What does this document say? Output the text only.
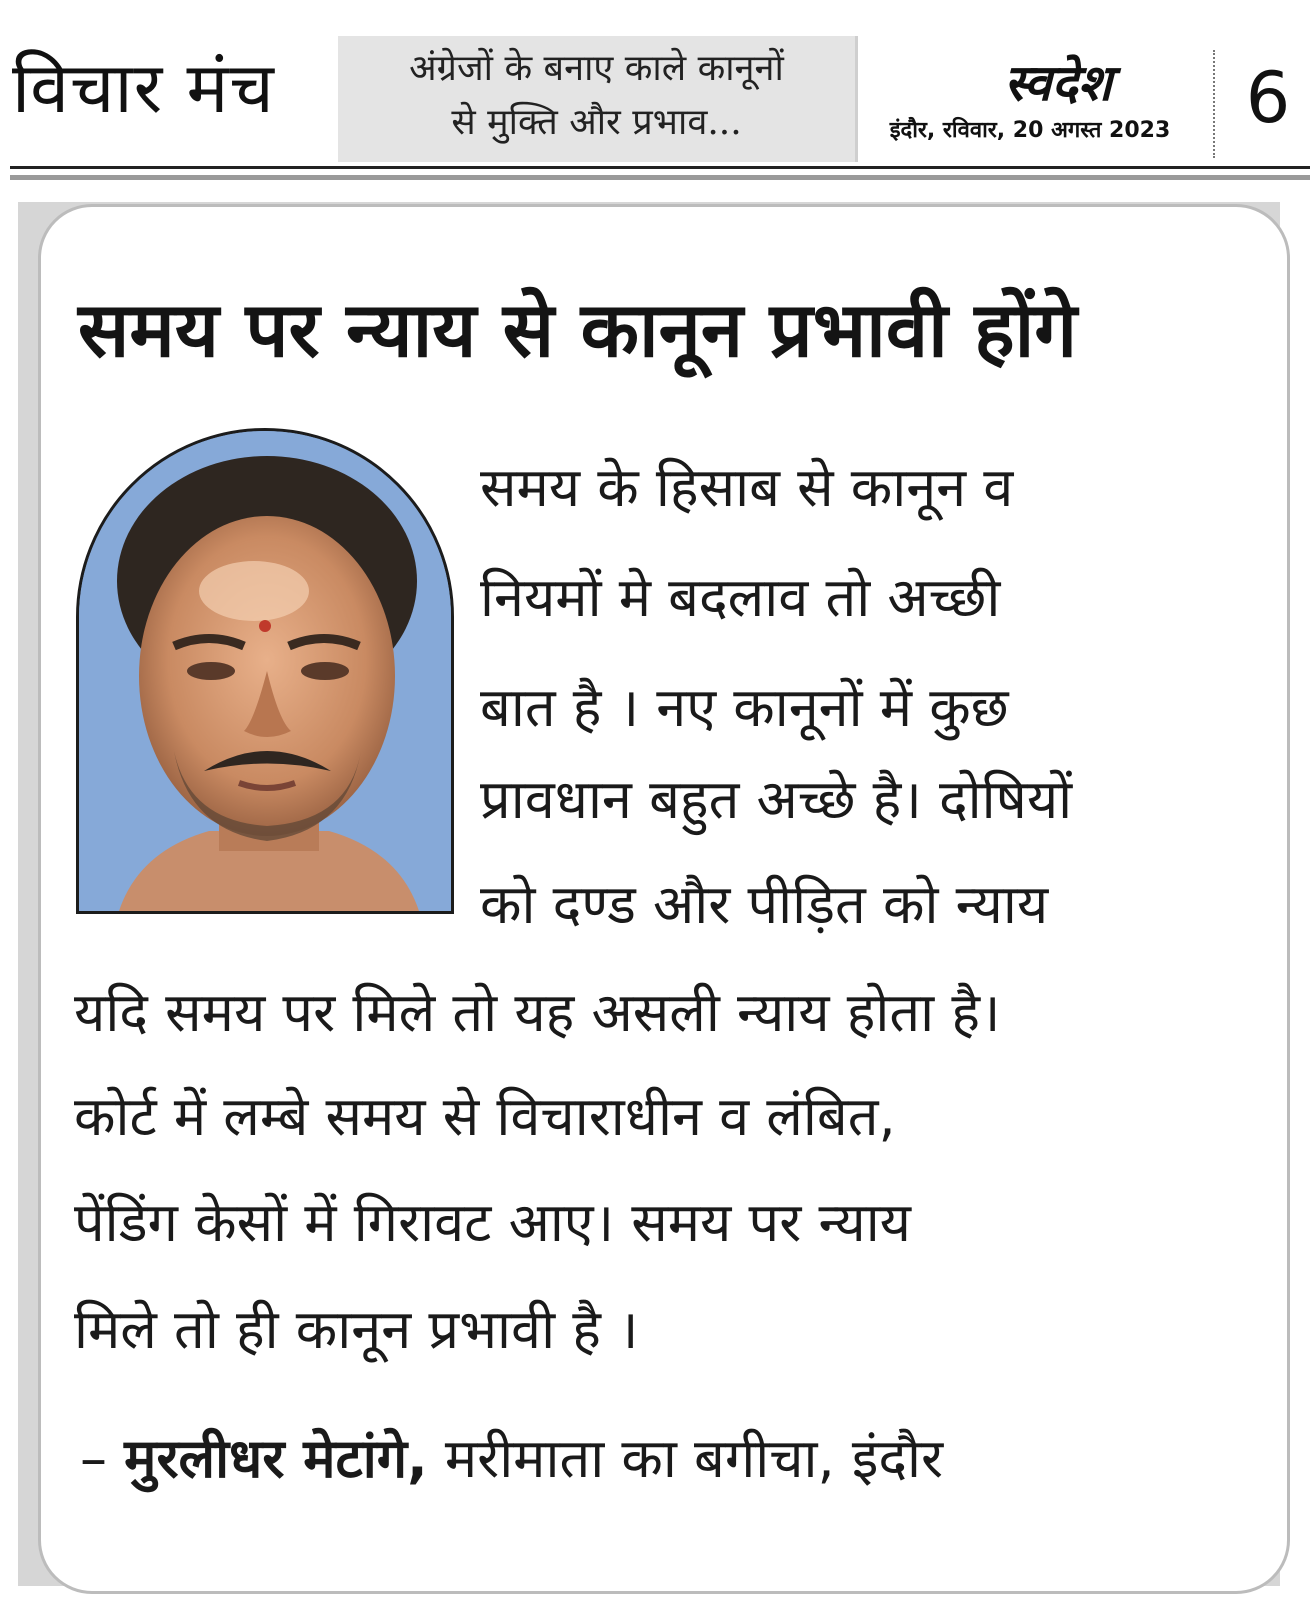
विचार मंच	अंग्रेजों के बनाए काले कानूनों
से मुक्ति और प्रभाव...
स्वदेश
इंदौर, रविवार, 20 अगस्त 2023 6
समय पर न्याय से कानून प्रभावी होंगे
समय के हिसाब से कानून व
नियमों मे बदलाव तो अच्छी
बात है । नए कानूनों में कुछ
प्रावधान बहुत अच्छे है। दोषियों
को दण्ड और पीड़ित को न्याय
यदि समय पर मिले तो यह असली न्याय होता है।
कोर्ट में लम्बे समय से विचाराधीन व लंबित,
पेंडिंग केसों में गिरावट आए। समय पर न्याय
मिले तो ही कानून प्रभावी है ।
– मुरलीधर मेटांगे, मरीमाता का बगीचा, इंदौर
